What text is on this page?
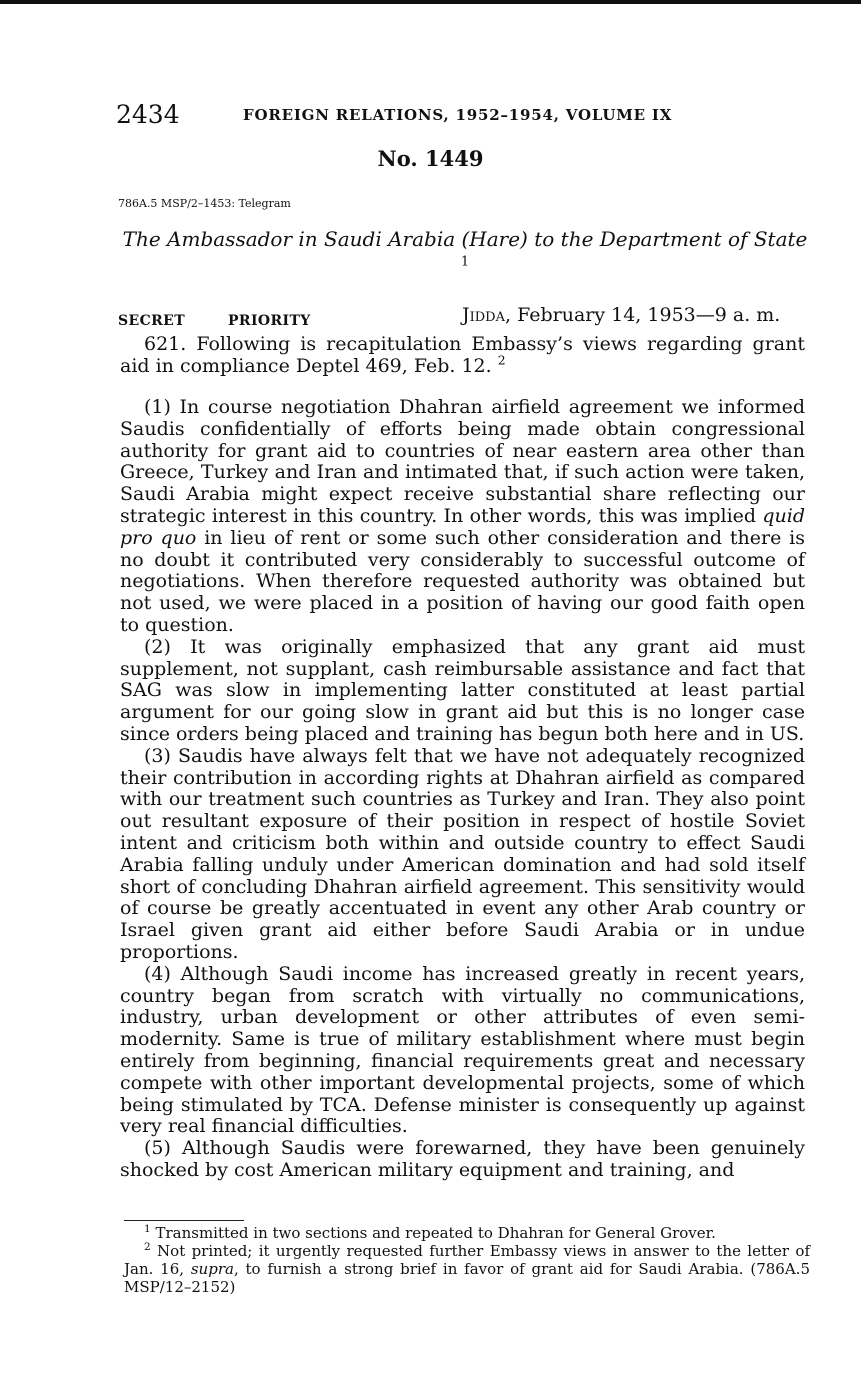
2434	FOREIGN RELATIONS, 1952–1954, VOLUME IX
No. 1449
786A.5 MSP/2–1453: Telegram
The Ambassador in Saudi Arabia (Hare) to the Department of State $^1$
SECRET	PRIORITY	Jidda, February 14, 1953—9 a. m.

621. Following is recapitulation Embassy’s views regarding grant aid in compliance Deptel 469, Feb. 12. $^2$

(1) In course negotiation Dhahran airfield agreement we informed Saudis confidentially of efforts being made obtain congressional authority for grant aid to countries of near eastern area other than Greece, Turkey and Iran and intimated that, if such action were taken, Saudi Arabia might expect receive substantial share reflecting our strategic interest in this country. In other words, this was implied quid pro quo in lieu of rent or some such other consideration and there is no doubt it contributed very considerably to successful outcome of negotiations. When therefore requested authority was obtained but not used, we were placed in a position of having our good faith open to question.

(2) It was originally emphasized that any grant aid must supplement, not supplant, cash reimbursable assistance and fact that SAG was slow in implementing latter constituted at least partial argument for our going slow in grant aid but this is no longer case since orders being placed and training has begun both here and in US.

(3) Saudis have always felt that we have not adequately recognized their contribution in according rights at Dhahran airfield as compared with our treatment such countries as Turkey and Iran. They also point out resultant exposure of their position in respect of hostile Soviet intent and criticism both within and outside country to effect Saudi Arabia falling unduly under American domination and had sold itself short of concluding Dhahran airfield agreement. This sensitivity would of course be greatly accentuated in event any other Arab country or Israel given grant aid either before Saudi Arabia or in undue proportions.

(4) Although Saudi income has increased greatly in recent years, country began from scratch with virtually no communications, industry, urban development or other attributes of even semi-modernity. Same is true of military establishment where must begin entirely from beginning, financial requirements great and necessary compete with other important developmental projects, some of which being stimulated by TCA. Defense minister is consequently up against very real financial difficulties.

(5) Although Saudis were forewarned, they have been genuinely shocked by cost American military equipment and training, and

$^1$ Transmitted in two sections and repeated to Dhahran for General Grover.

$^2$ Not printed; it urgently requested further Embassy views in answer to the letter of Jan. 16, supra, to furnish a strong brief in favor of grant aid for Saudi Arabia. (786A.5 MSP/12–2152)
